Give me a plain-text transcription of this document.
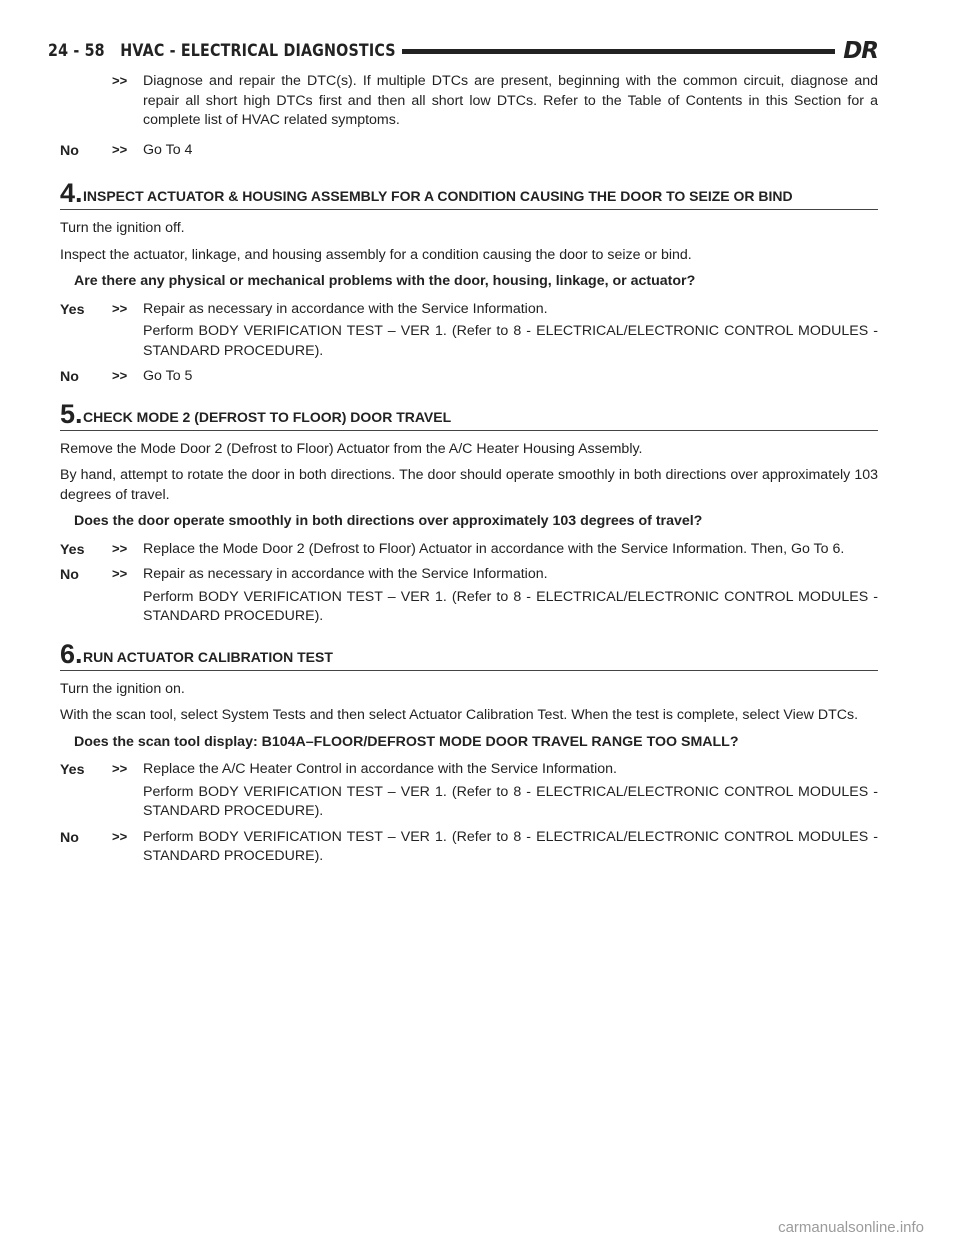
24 - 58 HVAC - ELECTRICAL DIAGNOSTICS	DR
>> Diagnose and repair the DTC(s). If multiple DTCs are present, beginning with the common circuit, diagnose and repair all short high DTCs first and then all short low DTCs. Refer to the Table of Contents in this Section for a complete list of HVAC related symptoms.

No	>> Go To 4

4. INSPECT ACTUATOR & HOUSING ASSEMBLY FOR A CONDITION CAUSING THE DOOR TO SEIZE OR BIND

Turn the ignition off.

Inspect the actuator, linkage, and housing assembly for a condition causing the door to seize or bind.

Are there any physical or mechanical problems with the door, housing, linkage, or actuator?

Yes >> Repair as necessary in accordance with the Service Information.

Perform BODY VERIFICATION TEST – VER 1. (Refer to 8 - ELECTRICAL/ELECTRONIC CONTROL MODULES - STANDARD PROCEDURE).

No	>> Go To 5

5. CHECK MODE 2 (DEFROST TO FLOOR) DOOR TRAVEL

Remove the Mode Door 2 (Defrost to Floor) Actuator from the A/C Heater Housing Assembly.

By hand, attempt to rotate the door in both directions. The door should operate smoothly in both directions over approximately 103 degrees of travel.

Does the door operate smoothly in both directions over approximately 103 degrees of travel?

Yes >> Replace the Mode Door 2 (Defrost to Floor) Actuator in accordance with the Service Information. Then, Go To 6.

No	>> Repair as necessary in accordance with the Service Information.

Perform BODY VERIFICATION TEST – VER 1. (Refer to 8 - ELECTRICAL/ELECTRONIC CONTROL MODULES - STANDARD PROCEDURE).

6. RUN ACTUATOR CALIBRATION TEST

Turn the ignition on.

With the scan tool, select System Tests and then select Actuator Calibration Test. When the test is complete, select View DTCs.

Does the scan tool display: B104A–FLOOR/DEFROST MODE DOOR TRAVEL RANGE TOO SMALL?

Yes >> Replace the A/C Heater Control in accordance with the Service Information.

Perform BODY VERIFICATION TEST – VER 1. (Refer to 8 - ELECTRICAL/ELECTRONIC CONTROL MODULES - STANDARD PROCEDURE).

No	>> Perform BODY VERIFICATION TEST – VER 1. (Refer to 8 - ELECTRICAL/ELECTRONIC CONTROL MODULES - STANDARD PROCEDURE).

carmanualsonline.info
